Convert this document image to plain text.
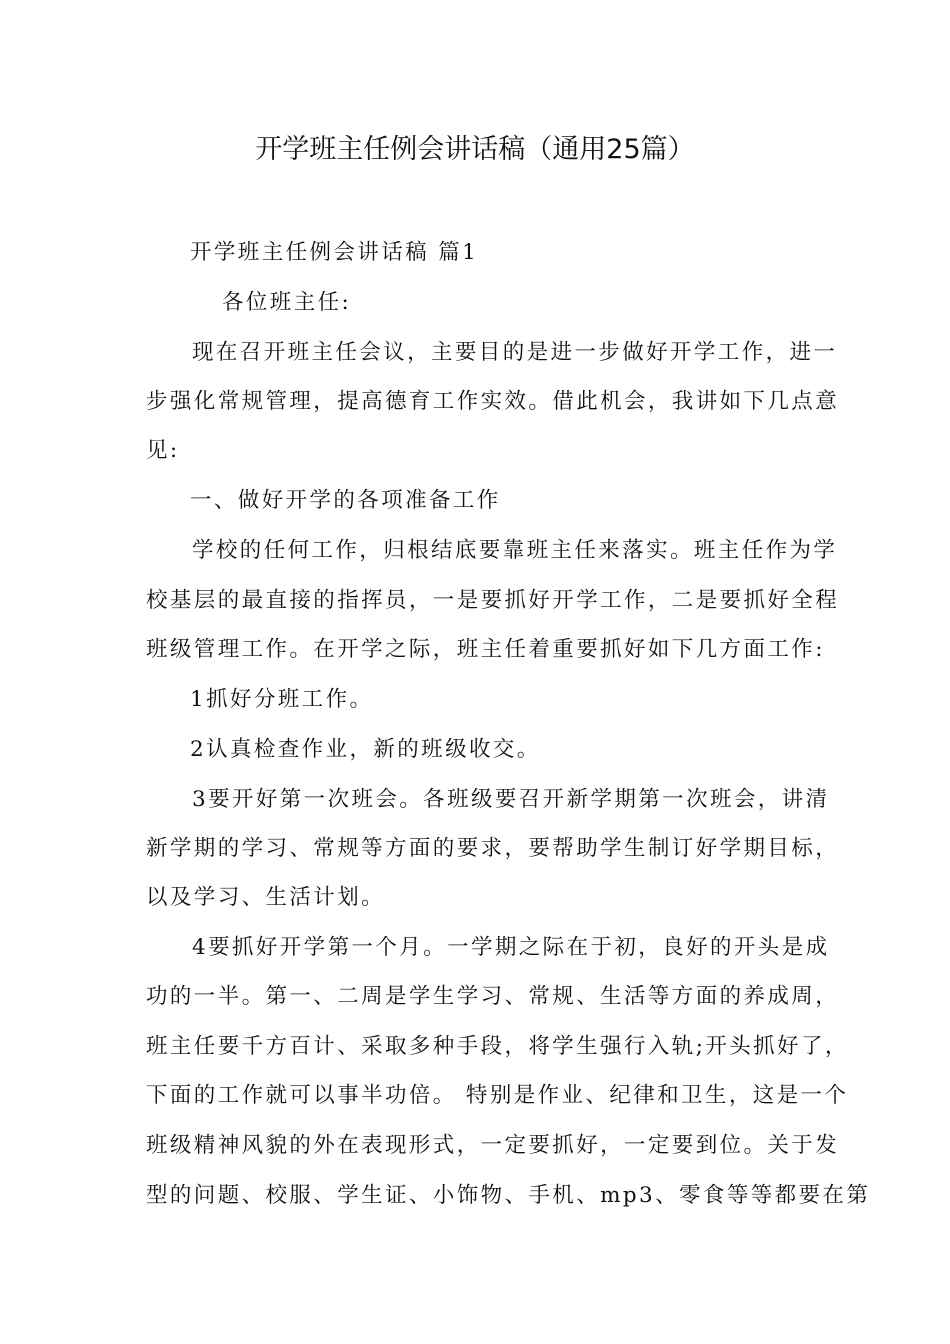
开学班主任例会讲话稿（通用25篇）
开学班主任例会讲话稿 篇1
各位班主任:
现在召开班主任会议，主要目的是进一步做好开学工作，进一
步强化常规管理，提高德育工作实效。借此机会，我讲如下几点意
见:
一、做好开学的各项准备工作
学校的任何工作，归根结底要靠班主任来落实。班主任作为学
校基层的最直接的指挥员，一是要抓好开学工作，二是要抓好全程
班级管理工作。在开学之际，班主任着重要抓好如下几方面工作:
1抓好分班工作。
2认真检查作业，新的班级收交。
3要开好第一次班会。各班级要召开新学期第一次班会，讲清
新学期的学习、常规等方面的要求，要帮助学生制订好学期目标，
以及学习、生活计划。
4要抓好开学第一个月。一学期之际在于初，良好的开头是成
功的一半。第一、二周是学生学习、常规、生活等方面的养成周，
班主任要千方百计、采取多种手段，将学生强行入轨;开头抓好了，
下面的工作就可以事半功倍。 特别是作业、纪律和卫生，这是一个
班级精神风貌的外在表现形式，一定要抓好，一定要到位。关于发
型的问题、校服、学生证、小饰物、手机、mp3、零食等等都要在第
